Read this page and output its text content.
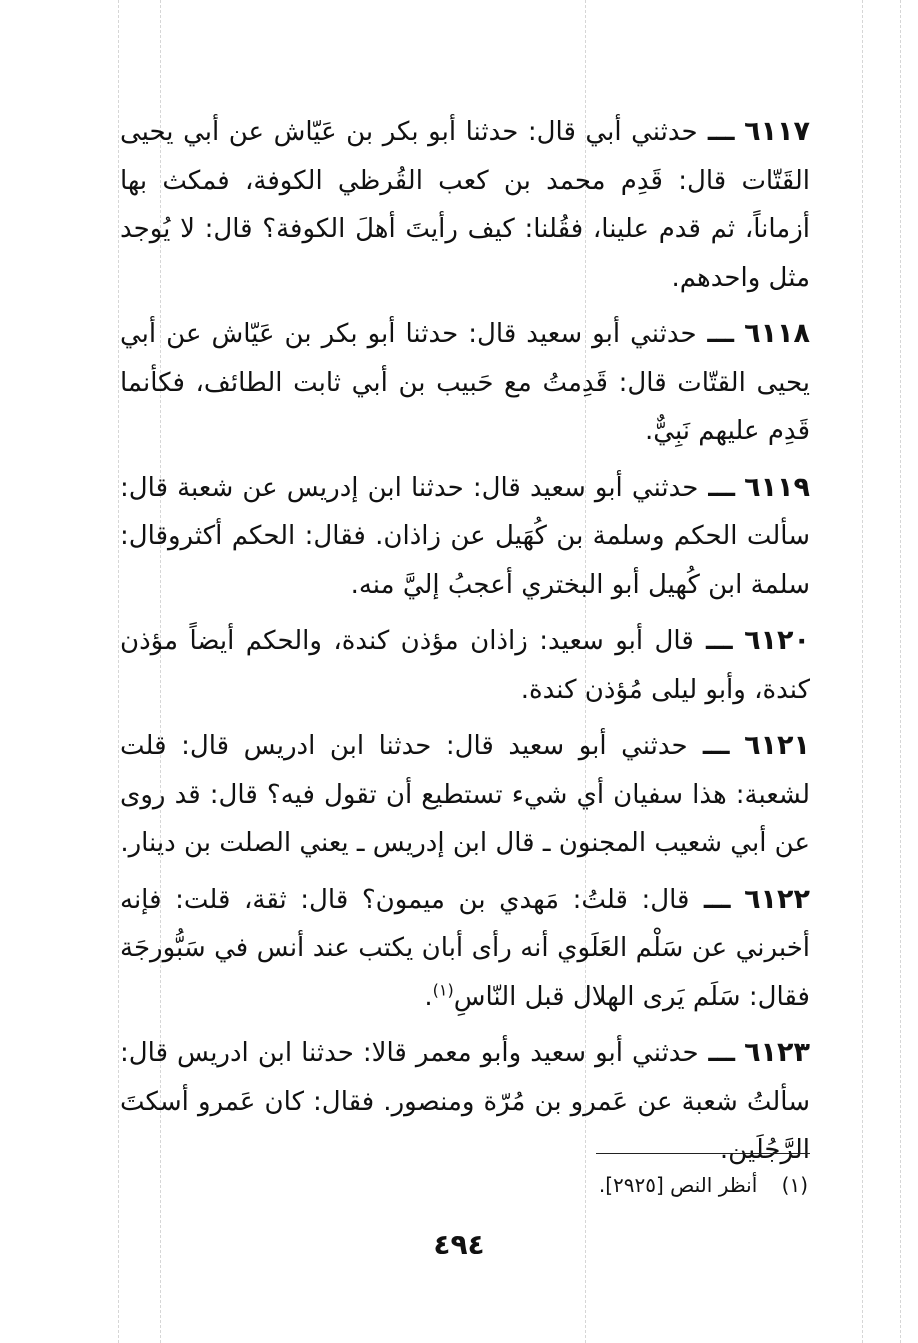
٦١١٧ ـــ حدثني أبي قال: حدثنا أبو بكر بن عَيّاش عن أبي يحيى القَتّات قال: قَدِم محمد بن كعب القُرظي الكوفة، فمكث بها أزماناً، ثم قدم علينا، فقُلنا: كيف رأيتَ أهلَ الكوفة؟ قال: لا يُوجد مثل واحدهم.

٦١١٨ ـــ حدثني أبو سعيد قال: حدثنا أبو بكر بن عَيّاش عن أبي يحيى القتّات قال: قَدِمتُ مع حَبيب بن أبي ثابت الطائف، فكأنما قَدِم عليهم نَبِيٌّ.

٦١١٩ ـــ حدثني أبو سعيد قال: حدثنا ابن إدريس عن شعبة قال: سألت الحكم وسلمة بن كُهَيل عن زاذان. فقال: الحكم أكثروقال: سلمة ابن كُهيل أبو البختري أعجبُ إليَّ منه.

٦١٢٠ ـــ قال أبو سعيد: زاذان مؤذن كندة، والحكم أيضاً مؤذن كندة، وأبو ليلى مُؤذن كندة.

٦١٢١ ـــ حدثني أبو سعيد قال: حدثنا ابن ادريس قال: قلت لشعبة: هذا سفيان أي شيء تستطيع أن تقول فيه؟ قال: قد روى عن أبي شعيب المجنون ـ قال ابن إدريس ـ يعني الصلت بن دينار.

٦١٢٢ ـــ قال: قلتُ: مَهدي بن ميمون؟ قال: ثقة، قلت: فإنه أخبرني عن سَلْم العَلَوي أنه رأى أبان يكتب عند أنس في سَبُّورجَة فقال: سَلَم يَرى الهلال قبل النّاسِ$^{(١)}$.

٦١٢٣ ـــ حدثني أبو سعيد وأبو معمر قالا: حدثنا ابن ادريس قال: سألتُ شعبة عن عَمرو بن مُرّة ومنصور. فقال: كان عَمرو أسكتَ الرَّجُلَين.

(١) أنظر النص [٢٩٢٥].
٤٩٤
